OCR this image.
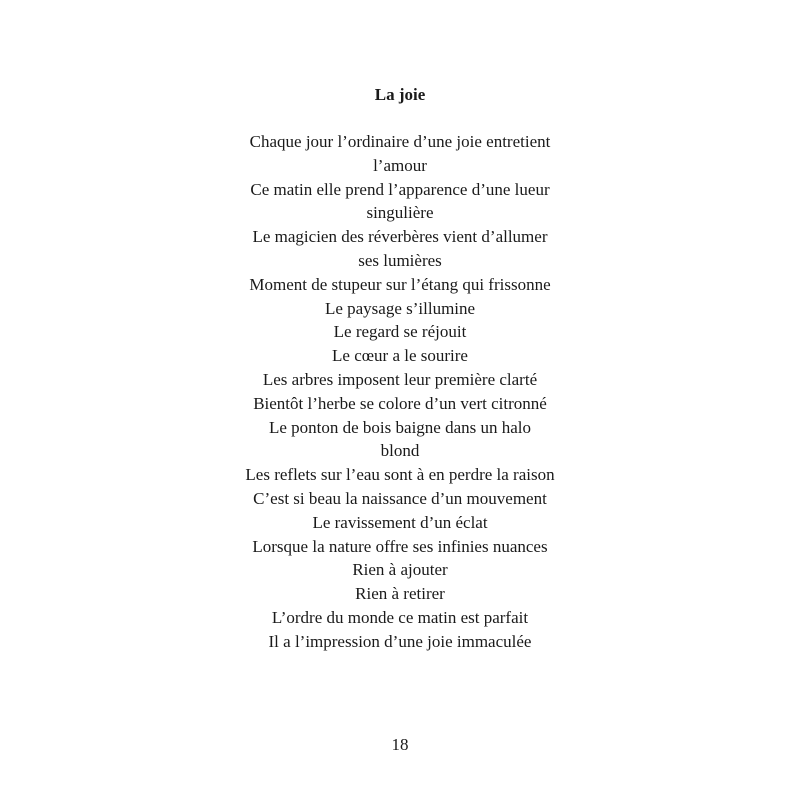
La joie
Chaque jour l’ordinaire d’une joie entretient
l’amour
Ce matin elle prend l’apparence d’une lueur
singulière
Le magicien des réverbères vient d’allumer
ses lumières
Moment de stupeur sur l’étang qui frissonne
Le paysage s’illumine
Le regard se réjouit
Le cœur a le sourire
Les arbres imposent leur première clarté
Bientôt l’herbe se colore d’un vert citronné
Le ponton de bois baigne dans un halo
blond
Les reflets sur l’eau sont à en perdre la raison
C’est si beau la naissance d’un mouvement
Le ravissement d’un éclat
Lorsque la nature offre ses infinies nuances
Rien à ajouter
Rien à retirer
L’ordre du monde ce matin est parfait
Il a l’impression d’une joie immaculée
18
